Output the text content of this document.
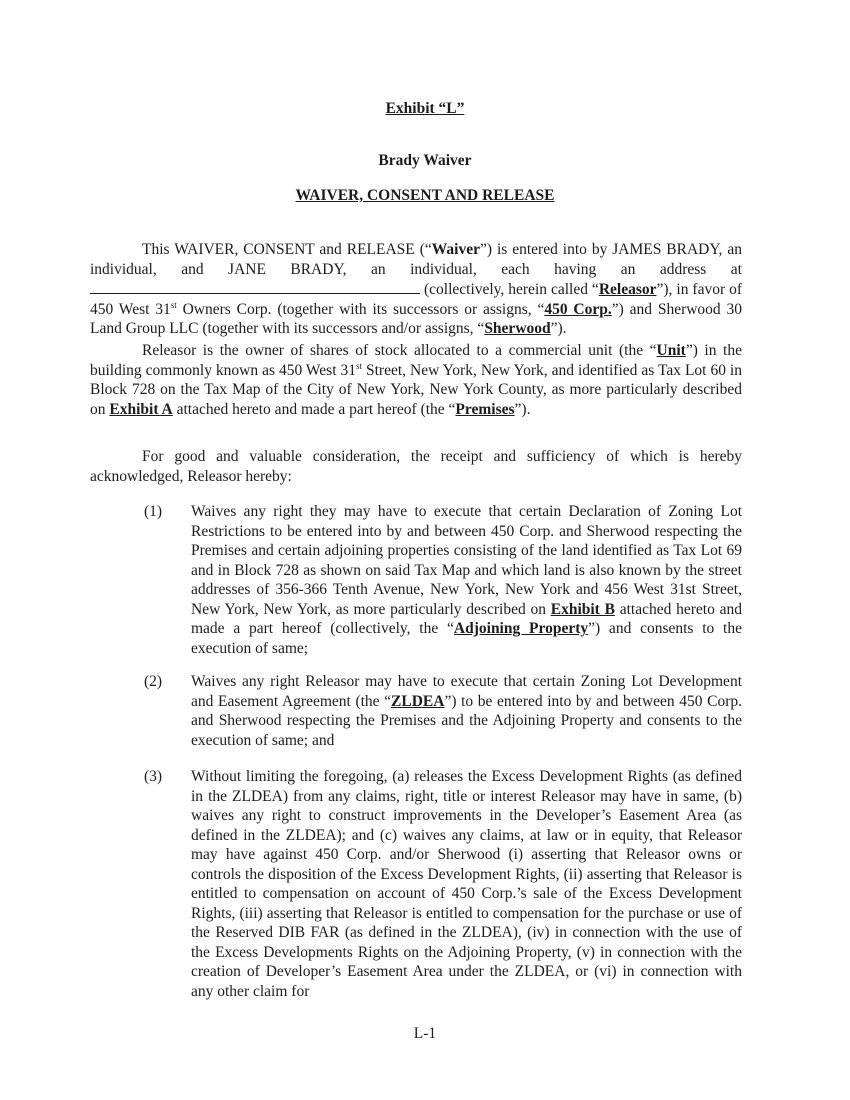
Exhibit “L”
Brady Waiver
WAIVER, CONSENT AND RELEASE
This WAIVER, CONSENT and RELEASE (“Waiver”) is entered into by JAMES BRADY, an individual, and JANE BRADY, an individual, each having an address at  (collectively, herein called “Releasor”), in favor of 450 West 31st Owners Corp. (together with its successors or assigns, “450 Corp.”) and Sherwood 30 Land Group LLC (together with its successors and/or assigns, “Sherwood”).
Releasor is the owner of shares of stock allocated to a commercial unit (the “Unit”) in the building commonly known as 450 West 31st Street, New York, New York, and identified as Tax Lot 60 in Block 728 on the Tax Map of the City of New York, New York County, as more particularly described on Exhibit A attached hereto and made a part hereof (the “Premises”).
For good and valuable consideration, the receipt and sufficiency of which is hereby acknowledged, Releasor hereby:
(1) Waives any right they may have to execute that certain Declaration of Zoning Lot Restrictions to be entered into by and between 450 Corp. and Sherwood respecting the Premises and certain adjoining properties consisting of the land identified as Tax Lot 69 and in Block 728 as shown on said Tax Map and which land is also known by the street addresses of 356-366 Tenth Avenue, New York, New York and 456 West 31st Street, New York, New York, as more particularly described on Exhibit B attached hereto and made a part hereof (collectively, the “Adjoining Property”) and consents to the execution of same;
(2) Waives any right Releasor may have to execute that certain Zoning Lot Development and Easement Agreement (the “ZLDEA”) to be entered into by and between 450 Corp. and Sherwood respecting the Premises and the Adjoining Property and consents to the execution of same; and
(3) Without limiting the foregoing, (a) releases the Excess Development Rights (as defined in the ZLDEA) from any claims, right, title or interest Releasor may have in same, (b) waives any right to construct improvements in the Developer’s Easement Area (as defined in the ZLDEA); and (c) waives any claims, at law or in equity, that Releasor may have against 450 Corp. and/or Sherwood (i) asserting that Releasor owns or controls the disposition of the Excess Development Rights, (ii) asserting that Releasor is entitled to compensation on account of 450 Corp.’s sale of the Excess Development Rights, (iii) asserting that Releasor is entitled to compensation for the purchase or use of the Reserved DIB FAR (as defined in the ZLDEA), (iv) in connection with the use of the Excess Developments Rights on the Adjoining Property, (v) in connection with the creation of Developer’s Easement Area under the ZLDEA, or (vi) in connection with any other claim for
L-1
